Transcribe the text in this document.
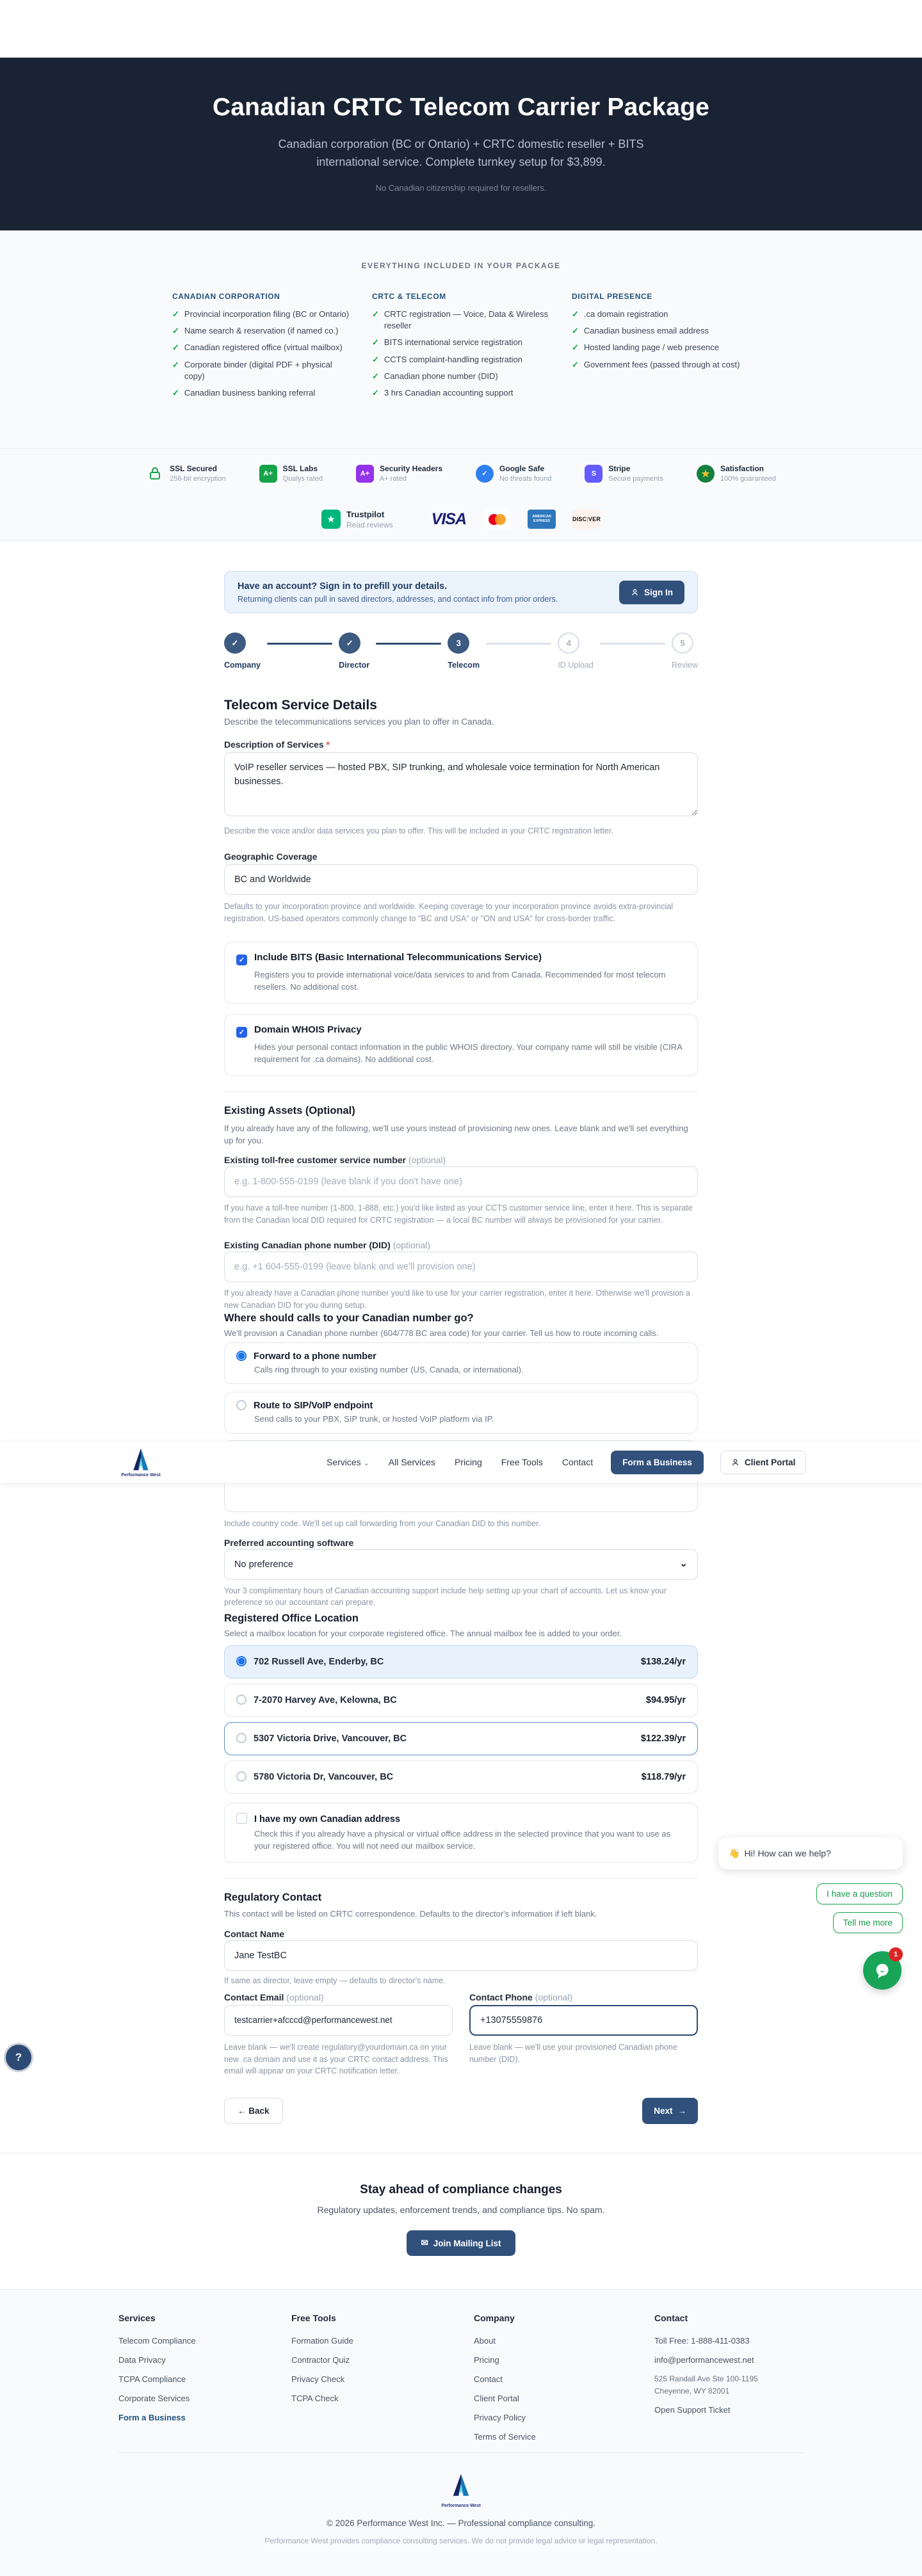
Canadian CRTC Telecom Carrier Package
Canadian corporation (BC or Ontario) + CRTC domestic reseller + BITS international service. Complete turnkey setup for $3,899.
No Canadian citizenship required for resellers.
EVERYTHING INCLUDED IN YOUR PACKAGE
CANADIAN CORPORATION
✓ Provincial incorporation filing (BC or Ontario)
✓ Name search & reservation (if named co.)
✓ Canadian registered office (virtual mailbox)
✓ Corporate binder (digital PDF + physical copy)
✓ Canadian business banking referral
CRTC & TELECOM
✓ CRTC registration — Voice, Data & Wireless reseller
✓ BITS international service registration
✓ CCTS complaint-handling registration
✓ Canadian phone number (DID)
✓ 3 hrs Canadian accounting support
DIGITAL PRESENCE
✓ .ca domain registration
✓ Canadian business email address
✓ Hosted landing page / web presence
✓ Government fees (passed through at cost)
SSL Secured
256-bit encryption
A+
SSL Labs
Qualys rated
A+
Security Headers
A+ rated
✓
Google Safe
No threats found
S
Stripe
Secure payments	★	Satisfaction
100% guaranteed
★	Trustpilot
Read reviews VISA	AMERICAN EXPRESS	DISC VER
Have an account? Sign in to prefill your details.
Returning clients can pull in saved directors, addresses, and contact info from prior orders.
Sign In
✓
Company
✓
Director
3
Telecom
4
ID Upload
5
Review
Telecom Service Details
Describe the telecommunications services you plan to offer in Canada.
Description of Services *
VoIP reseller services — hosted PBX, SIP trunking, and wholesale voice termination for North American businesses.
Describe the voice and/or data services you plan to offer. This will be included in your CRTC registration letter.
Geographic Coverage
BC and Worldwide
Defaults to your incorporation province and worldwide. Keeping coverage to your incorporation province avoids extra-provincial registration. US-based operators commonly change to "BC and USA" or "ON and USA" for cross-border traffic.
✓ Include BITS (Basic International Telecommunications Service)
Registers you to provide international voice/data services to and from Canada. Recommended for most telecom resellers. No additional cost.
✓ Domain WHOIS Privacy
Hides your personal contact information in the public WHOIS directory. Your company name will still be visible (CIRA requirement for .ca domains). No additional cost.
Existing Assets (Optional)
If you already have any of the following, we'll use yours instead of provisioning new ones. Leave blank and we'll set everything up for you.
Existing toll-free customer service number (optional)
e.g. 1-800-555-0199 (leave blank if you don't have one)
If you have a toll-free number (1-800, 1-888, etc.) you'd like listed as your CCTS customer service line, enter it here. This is separate from the Canadian local DID required for CRTC registration — a local BC number will always be provisioned for your carrier.
Existing Canadian phone number (DID) (optional)
e.g. +1 604-555-0199 (leave blank and we'll provision one)
If you already have a Canadian phone number you'd like to use for your carrier registration, enter it here. Otherwise we'll provision a new Canadian DID for you during setup.
Where should calls to your Canadian number go?
We'll provision a Canadian phone number (604/778 BC area code) for your carrier. Tell us how to route incoming calls.
Forward to a phone number
Calls ring through to your existing number (US, Canada, or international).
Route to SIP/VoIP endpoint
Send calls to your PBX, SIP trunk, or hosted VoIP platform via IP.
Include country code. We'll set up call forwarding from your Canadian DID to this number.
Preferred accounting software
No preference	⌄
Your 3 complimentary hours of Canadian accounting support include help setting up your chart of accounts. Let us know your preference so our accountant can prepare.
Registered Office Location
Select a mailbox location for your corporate registered office. The annual mailbox fee is added to your order.
702 Russell Ave, Enderby, BC	$138.24/yr
7-2070 Harvey Ave, Kelowna, BC	$94.95/yr
5307 Victoria Drive, Vancouver, BC	$122.39/yr
5780 Victoria Dr, Vancouver, BC	$118.79/yr
I have my own Canadian address
Check this if you already have a physical or virtual office address in the selected province that you want to use as your registered office. You will not need our mailbox service.
Regulatory Contact
This contact will be listed on CRTC correspondence. Defaults to the director's information if left blank.
Contact Name
Jane TestBC
If same as director, leave empty — defaults to director's name.
Contact Email (optional)
testcarrier+afcccd@performancewest.net
Leave blank — we'll create regulatory@yourdomain.ca on your new .ca domain and use it as your CRTC contact address. This email will appear on your CRTC notification letter.
Contact Phone (optional)
+13075559876
Leave blank — we'll use your provisioned Canadian phone number (DID).
← Back	Next →
Stay ahead of compliance changes

Regulatory updates, enforcement trends, and compliance tips. No spam.

✉ Join Mailing List
Services
Telecom Compliance
Data Privacy
TCPA Compliance
Corporate Services
Form a Business
Free Tools
Formation Guide
Contractor Quiz
Privacy Check
TCPA Check
Company
About
Pricing
Contact
Client Portal
Privacy Policy
Terms of Service
Contact
Toll Free: 1-888-411-0383
info@performancewest.net
525 Randall Ave Ste 100-1195
Cheyenne, WY 82001
Open Support Ticket
Performance West
© 2026 Performance West Inc. — Professional compliance consulting.
Performance West provides compliance consulting services. We do not provide legal advice or legal representation.
Performance West
Services ⌄ All Services Pricing Free Tools Contact	Form a Business	Client Portal
👋 Hi! How can we help?
I have a question
Tell me more
1
?
